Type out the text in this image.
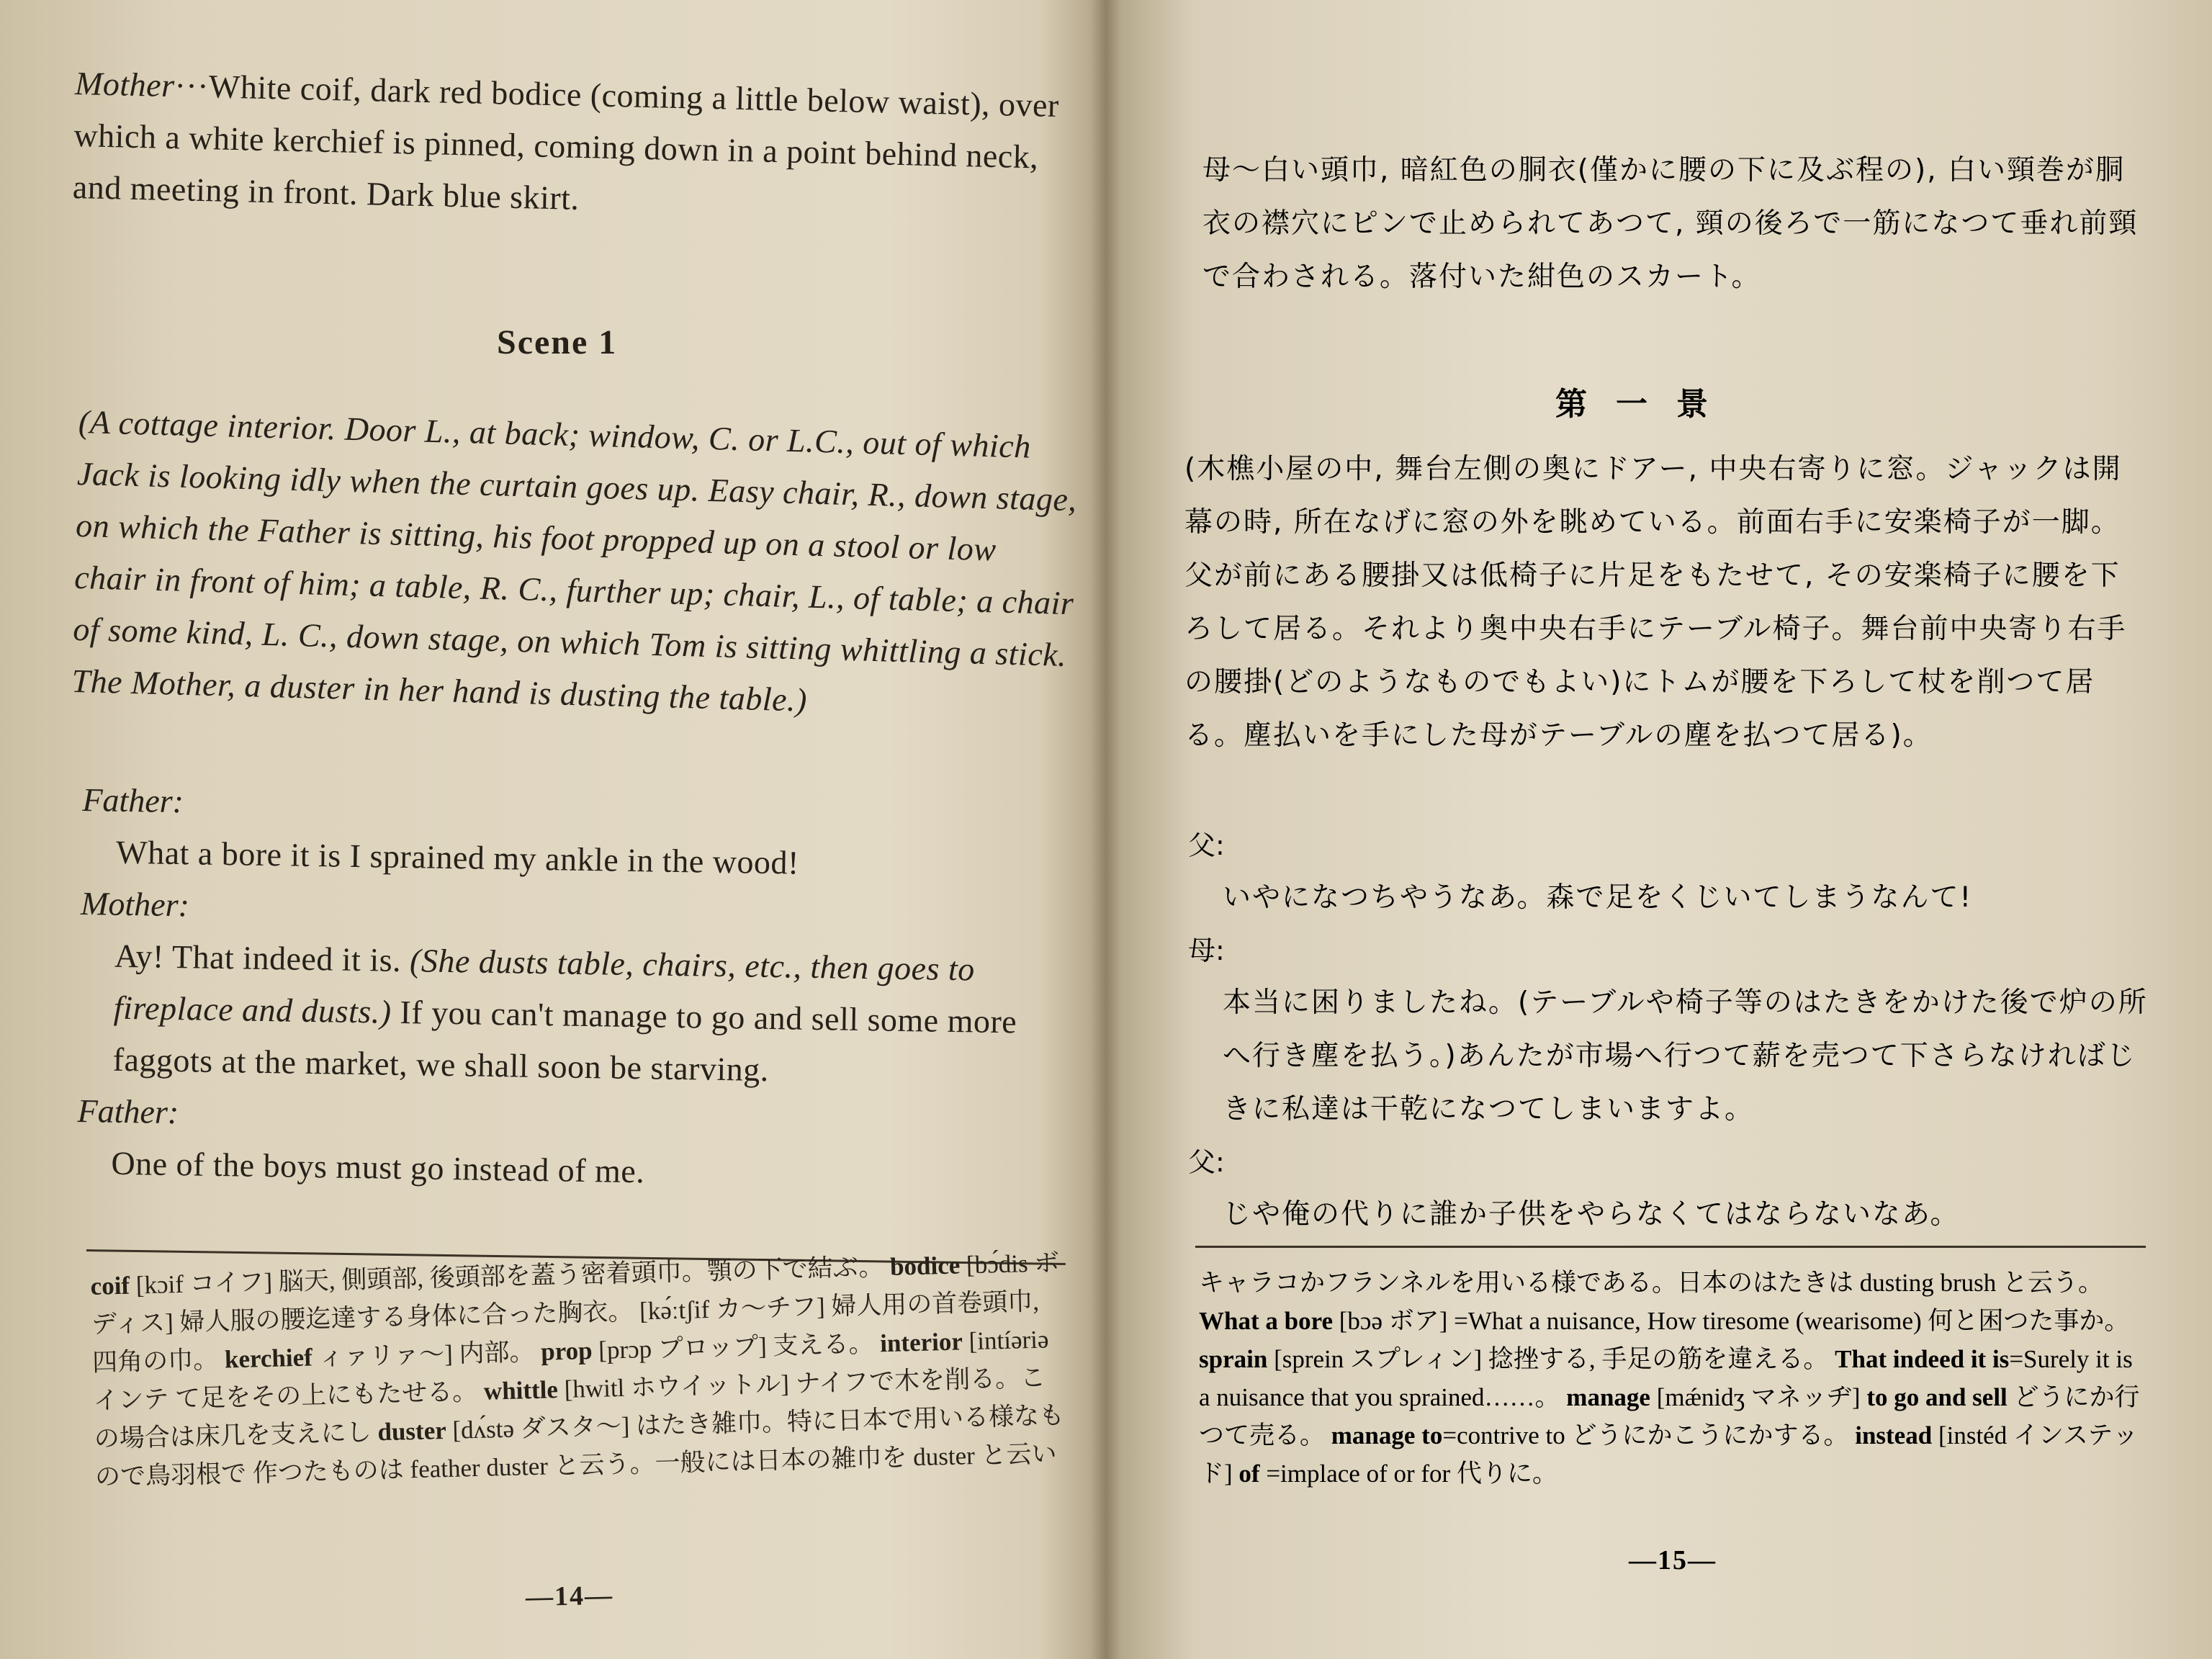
Mother···White coif, dark red bodice (coming a little below waist), over which a white kerchief is pinned, coming down in a point behind neck, and meeting in front. Dark blue skirt.

Scene 1

(A cottage interior. Door L., at back; window, C. or L.C., out of which Jack is looking idly when the curtain goes up. Easy chair, R., down stage, on which the Father is sitting, his foot propped up on a stool or low chair in front of him; a table, R. C., further up; chair, L., of table; a chair of some kind, L. C., down stage, on which Tom is sitting whittling a stick. The Mother, a duster in her hand is dusting the table.)

Father:

What a bore it is I sprained my ankle in the wood!

Mother:

Ay! That indeed it is. (She dusts table, chairs, etc., then goes to fireplace and dusts.) If you can't manage to go and sell some more faggots at the market, we shall soon be starving.

Father:

One of the boys must go instead of me.

coif [kɔif コイフ] 脳天, 側頭部, 後頭部を蓋う密着頭巾。顎の下で結ぶ。 bodice [bɔ́dis ボディス] 婦人服の腰迄達する身体に合った胸衣。 [kə́ːtʃif カ～チフ] 婦人用の首卷頭巾, 四角の巾。 kerchief ィァリァ～] 内部。 prop [prɔp プロップ] 支える。 interior [intíəriə インテ て足をその上にもたせる。 whittle [hwitl ホウイットル] ナイフで木を削る。この場合は床几を支えにし duster [dʌ́stə ダスタ～] はたき雑巾。特に日本で用いる様なもので鳥羽根で 作つたものは feather duster と云う。一般には日本の雑巾を duster と云い

—14—

母～白い頭巾, 暗紅色の胴衣(僅かに腰の下に及ぶ程の), 白い頸巻が胴衣の襟穴にピンで止められてあつて, 頸の後ろで一筋になつて垂れ前頸で合わされる。落付いた紺色のスカート。

第一景

(木樵小屋の中, 舞台左側の奥にドアー, 中央右寄りに窓。ジャックは開幕の時, 所在なげに窓の外を眺めている。前面右手に安楽椅子が一脚。父が前にある腰掛又は低椅子に片足をもたせて, その安楽椅子に腰を下ろして居る。それより奥中央右手にテーブル椅子。舞台前中央寄り右手の腰掛(どのようなものでもよい)にトムが腰を下ろして杖を削つて居る。塵払いを手にした母がテーブルの塵を払つて居る)。

父:

いやになつちやうなあ。森で足をくじいてしまうなんて!

母:

本当に困りましたね。(テーブルや椅子等のはたきをかけた後で炉の所へ行き塵を払う。)あんたが市場へ行つて薪を売つて下さらなければじきに私達は干乾になつてしまいますよ。

父:

じや俺の代りに誰か子供をやらなくてはならないなあ。

キャラコかフランネルを用いる様である。日本のはたきは dusting brush と云う。 What a bore [bɔə ボア] =What a nuisance, How tiresome (wearisome) 何と困つた事か。 sprain [sprein スプレィン] 捻挫する, 手足の筋を違える。 That indeed it is=Surely it is a nuisance that you sprained……。 manage [mǽnidʒ マネッヂ] to go and sell どうにか行つて売る。 manage to=contrive to どうにかこうにかする。 instead [instéd インステッド] of =implace of or for 代りに。

—15—
